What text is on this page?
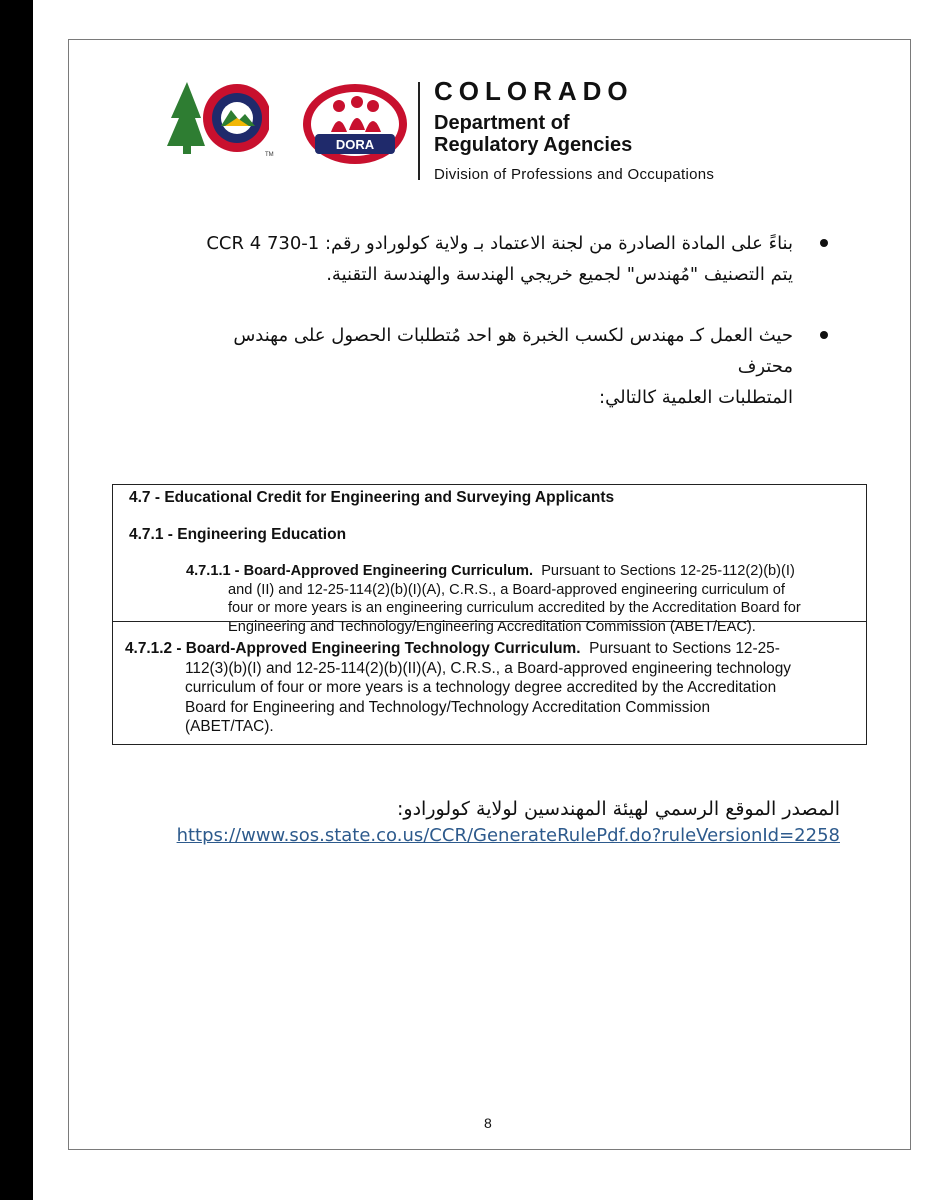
TM
DORA
COLORADO
Department of
Regulatory Agencies
Division of Professions and Occupations
بناءً على المادة الصادرة من لجنة الاعتماد بـ ولاية كولورادو رقم: 1-730 4 CCR
يتم التصنيف "مُهندس" لجميع خريجي الهندسة والهندسة التقنية.
حيث العمل كـ مهندس لكسب الخبرة هو احد مُتطلبات الحصول على مهندس
محترف
المتطلبات العلمية كالتالي:
4.7 - Educational Credit for Engineering and Surveying Applicants
4.7.1 - Engineering Education
4.7.1.1 - Board-Approved Engineering Curriculum. Pursuant to Sections 12-25-112(2)(b)(I)
and (II) and 12-25-114(2)(b)(I)(A), C.R.S., a Board-approved engineering curriculum of
four or more years is an engineering curriculum accredited by the Accreditation Board for
Engineering and Technology/Engineering Accreditation Commission (ABET/EAC).
4.7.1.2 - Board-Approved Engineering Technology Curriculum. Pursuant to Sections 12-25-
112(3)(b)(I) and 12-25-114(2)(b)(II)(A), C.R.S., a Board-approved engineering technology
curriculum of four or more years is a technology degree accredited by the Accreditation
Board for Engineering and Technology/Technology Accreditation Commission
(ABET/TAC).
المصدر الموقع الرسمي لهيئة المهندسين لولاية كولورادو:
https://www.sos.state.co.us/CCR/GenerateRulePdf.do?ruleVersionId=2258
8
